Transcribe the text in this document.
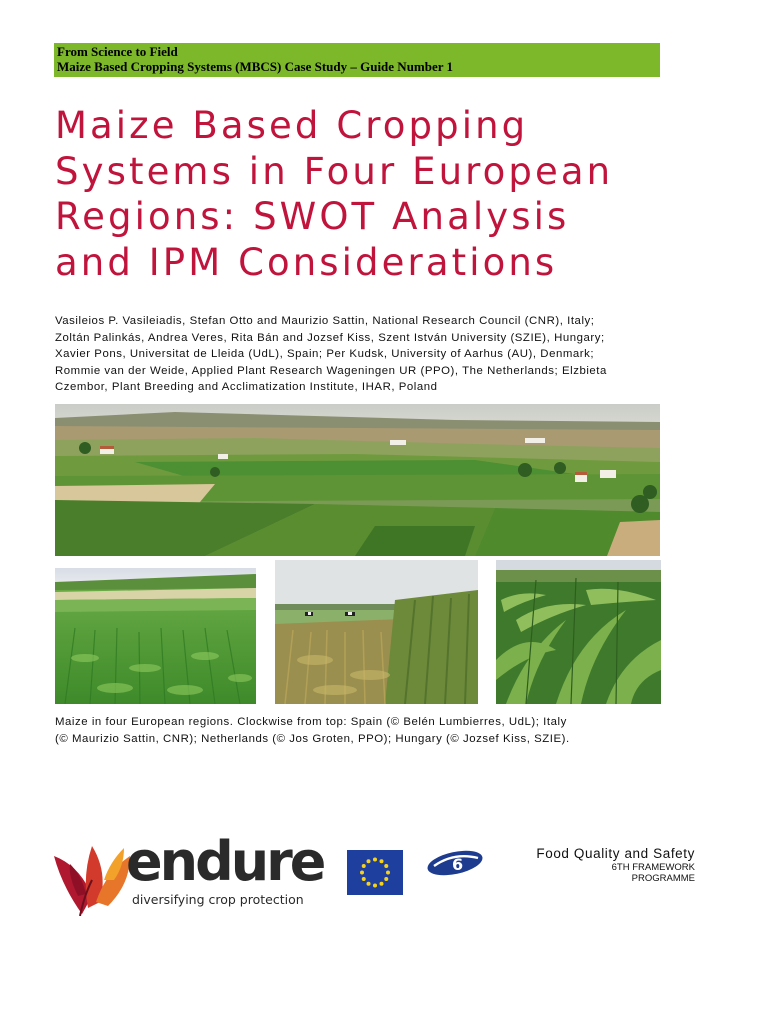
From Science to Field
Maize Based Cropping Systems (MBCS) Case Study – Guide Number 1
Maize Based Cropping
Systems in Four European
Regions: SWOT Analysis
and IPM Considerations
Vasileios P. Vasileiadis, Stefan Otto and Maurizio Sattin, National Research Council (CNR), Italy;
Zoltán Palinkás, Andrea Veres, Rita Bán and Jozsef Kiss, Szent István University (SZIE), Hungary;
Xavier Pons, Universitat de Lleida (UdL), Spain; Per Kudsk, University of Aarhus (AU), Denmark;
Rommie van der Weide, Applied Plant Research Wageningen UR (PPO), The Netherlands; Elzbieta
Czembor, Plant Breeding and Acclimatization Institute, IHAR, Poland
Maize in four European regions. Clockwise from top: Spain (© Belén Lumbierres, UdL); Italy
(© Maurizio Sattin, CNR); Netherlands (© Jos Groten, PPO); Hungary (© Jozsef Kiss, SZIE).
endure
diversifying crop protection
6
Food Quality and Safety
6TH FRAMEWORK
PROGRAMME
